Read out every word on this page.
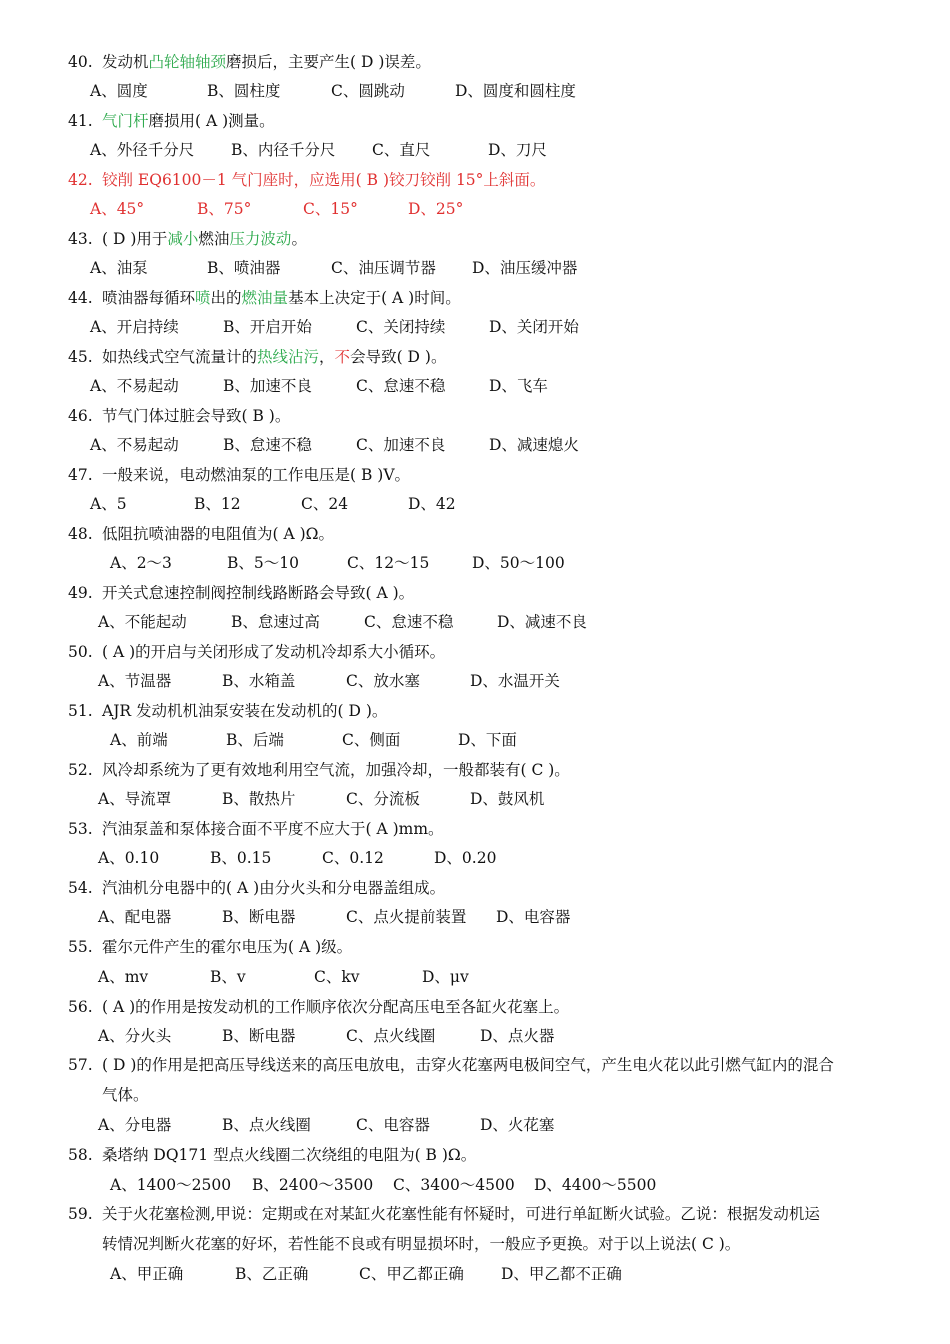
40. 发动机凸轮轴轴颈磨损后，主要产生( D )误差。
A、圆度	B、圆柱度	C、圆跳动	D、圆度和圆柱度
41. 气门杆磨损用( A )测量。
A、外径千分尺 B、内径千分尺 C、直尺	D、刀尺
42. 铰削 EQ6100－1 气门座时，应选用( B )铰刀铰削 15°上斜面。
A、45°	B、75°	C、15°	D、25°
43. ( D )用于减小燃油压力波动。
A、油泵	B、喷油器	C、油压调节器 D、油压缓冲器
44. 喷油器每循环喷出的燃油量基本上决定于( A )时间。
A、开启持续	B、开启开始	C、关闭持续	D、关闭开始
45. 如热线式空气流量计的热线沾污，不会导致( D )。
A、不易起动	B、加速不良	C、怠速不稳	D、飞车
46. 节气门体过脏会导致( B )。
A、不易起动	B、怠速不稳	C、加速不良	D、减速熄火
47. 一般来说，电动燃油泵的工作电压是( B )V。
A、5	B、12	C、24	D、42
48. 低阻抗喷油器的电阻值为( A )Ω。
A、2～3	B、5～10	C、12～15	D、50～100
49. 开关式怠速控制阀控制线路断路会导致( A )。
A、不能起动	B、怠速过高	C、怠速不稳	D、减速不良
50. ( A )的开启与关闭形成了发动机冷却系大小循环。
A、节温器	B、水箱盖	C、放水塞	D、水温开关
51. AJR 发动机机油泵安装在发动机的( D )。
A、前端	B、后端	C、侧面	D、下面
52. 风冷却系统为了更有效地利用空气流，加强冷却，一般都装有( C )。
A、导流罩	B、散热片	C、分流板	D、鼓风机
53. 汽油泵盖和泵体接合面不平度不应大于( A )mm。
A、0.10	B、0.15	C、0.12	D、0.20
54. 汽油机分电器中的( A )由分火头和分电器盖组成。
A、配电器	B、断电器	C、点火提前装置 D、电容器
55. 霍尔元件产生的霍尔电压为( A )级。
A、mv	B、v	C、kv	D、μv
56. ( A )的作用是按发动机的工作顺序依次分配高压电至各缸火花塞上。
A、分火头	B、断电器	C、点火线圈	D、点火器
57. ( D )的作用是把高压导线送来的高压电放电，击穿火花塞两电极间空气，产生电火花以此引燃气缸内的混合
气体。
A、分电器	B、点火线圈	C、电容器	D、火花塞
58. 桑塔纳 DQ171 型点火线圈二次绕组的电阻为( B )Ω。
A、1400～2500 B、2400～3500 C、3400～4500 D、4400～5500
59. 关于火花塞检测,甲说：定期或在对某缸火花塞性能有怀疑时，可进行单缸断火试验。乙说：根据发动机运
转情况判断火花塞的好坏，若性能不良或有明显损坏时，一般应予更换。对于以上说法( C )。
A、甲正确	B、乙正确	C、甲乙都正确 D、甲乙都不正确
